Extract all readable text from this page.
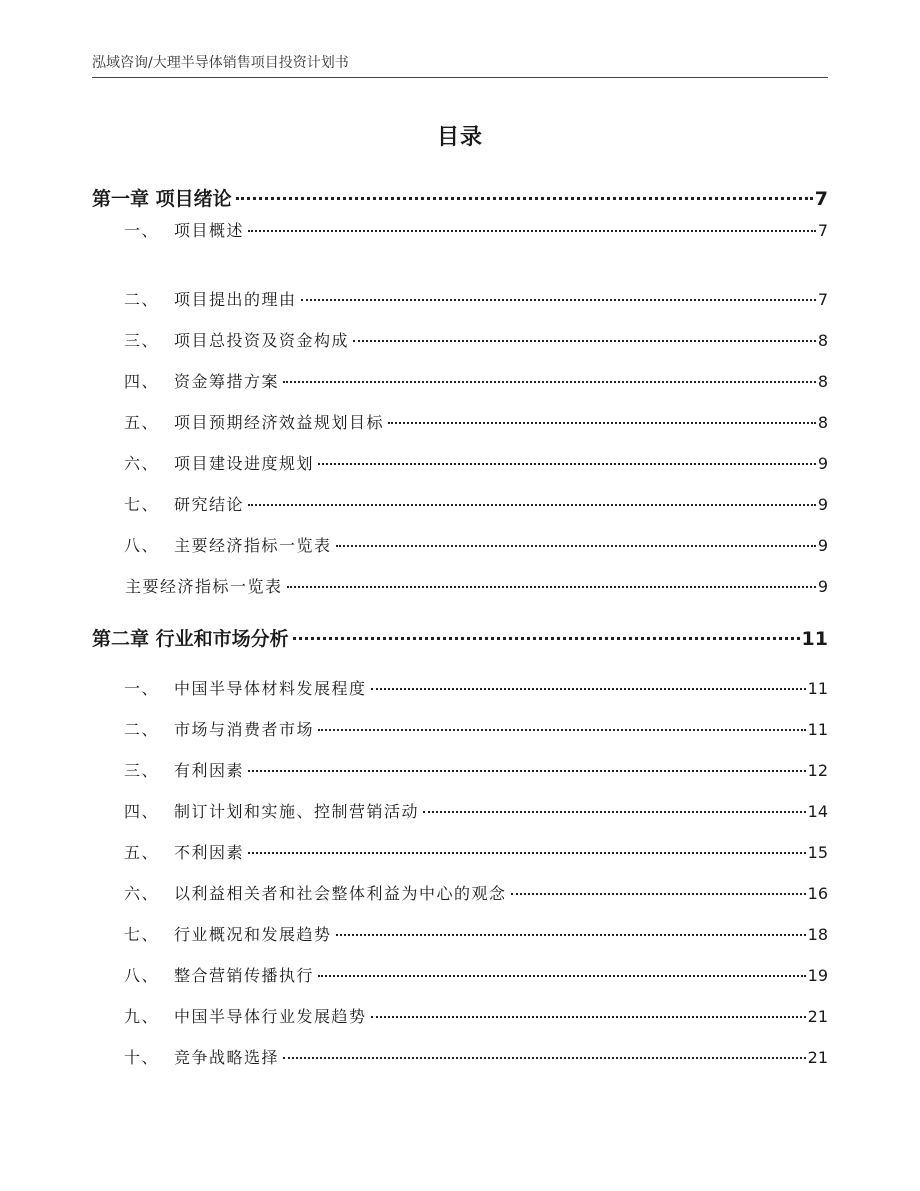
泓域咨询/大理半导体销售项目投资计划书
目录
第一章 项目绪论	7
一、 项目概述	7
二、 项目提出的理由	7
三、 项目总投资及资金构成	8
四、 资金筹措方案	8
五、 项目预期经济效益规划目标	8
六、 项目建设进度规划	9
七、 研究结论	9
八、 主要经济指标一览表	9
主要经济指标一览表	9
第二章 行业和市场分析	11
一、 中国半导体材料发展程度	11
二、 市场与消费者市场	11
三、 有利因素	12
四、 制订计划和实施、控制营销活动	14
五、 不利因素	15
六、 以利益相关者和社会整体利益为中心的观念	16
七、 行业概况和发展趋势	18
八、 整合营销传播执行	19
九、 中国半导体行业发展趋势	21
十、 竞争战略选择	21
